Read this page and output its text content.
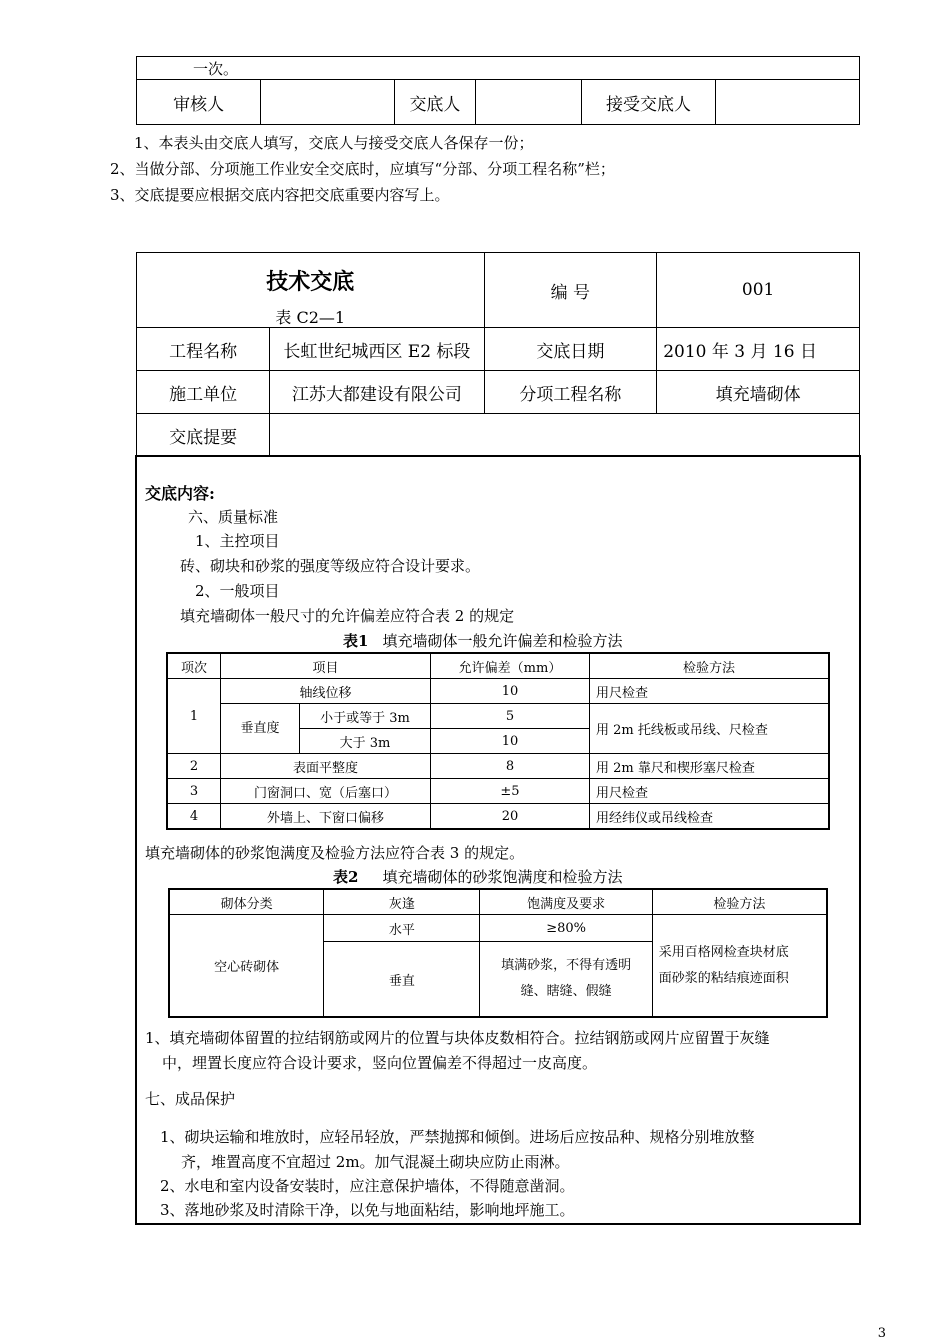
一次。
审核人		交底人		接受交底人	
1、本表头由交底人填写，交底人与接受交底人各保存一份；
2、当做分部、分项施工作业安全交底时，应填写“分部、分项工程名称”栏；
3、交底提要应根据交底内容把交底重要内容写上。
技术交底
表 C2—1		编 号	001
工程名称	长虹世纪城西区 E2 标段	交底日期	2010 年 3 月 16 日
施工单位	江苏大都建设有限公司	分项工程名称	填充墙砌体
交底提要			
交底内容:
六、质量标准
1、主控项目
砖、砌块和砂浆的强度等级应符合设计要求。
2、一般项目
填充墙砌体一般尺寸的允许偏差应符合表 2 的规定
表1 填充墙砌体一般允许偏差和检验方法
项次	项目		允许偏差（mm）	检验方法
1	轴线位移		10	用尺检查
	垂直度	小于或等于 3m	5	用 2m 托线板或吊线、尺检查
		大于 3m	10	
2	表面平整度		8	用 2m 靠尺和楔形塞尺检查
3	门窗洞口、宽（后塞口）		±5	用尺检查
4	外墙上、下窗口偏移		20	用经纬仪或吊线检查
填充墙砌体的砂浆饱满度及检验方法应符合表 3 的规定。
表2 填充墙砌体的砂浆饱满度和检验方法
砌体分类	灰逢	饱满度及要求	检验方法
空心砖砌体	水平	≥80%	采用百格网检查块材底
面砂浆的粘结痕迹面积

	垂直	填满砂浆，不得有透明
缝、瞎缝、假缝	
1、填充墙砌体留置的拉结钢筋或网片的位置与块体皮数相符合。拉结钢筋或网片应留置于灰缝
中，埋置长度应符合设计要求，竖向位置偏差不得超过一皮高度。
七、成品保护
1、砌块运输和堆放时，应轻吊轻放，严禁抛掷和倾倒。进场后应按品种、规格分别堆放整
齐，堆置高度不宜超过 2m。加气混凝土砌块应防止雨淋。
2、水电和室内设备安装时，应注意保护墙体，不得随意凿洞。
3、落地砂浆及时清除干净，以免与地面粘结，影响地坪施工。
3
